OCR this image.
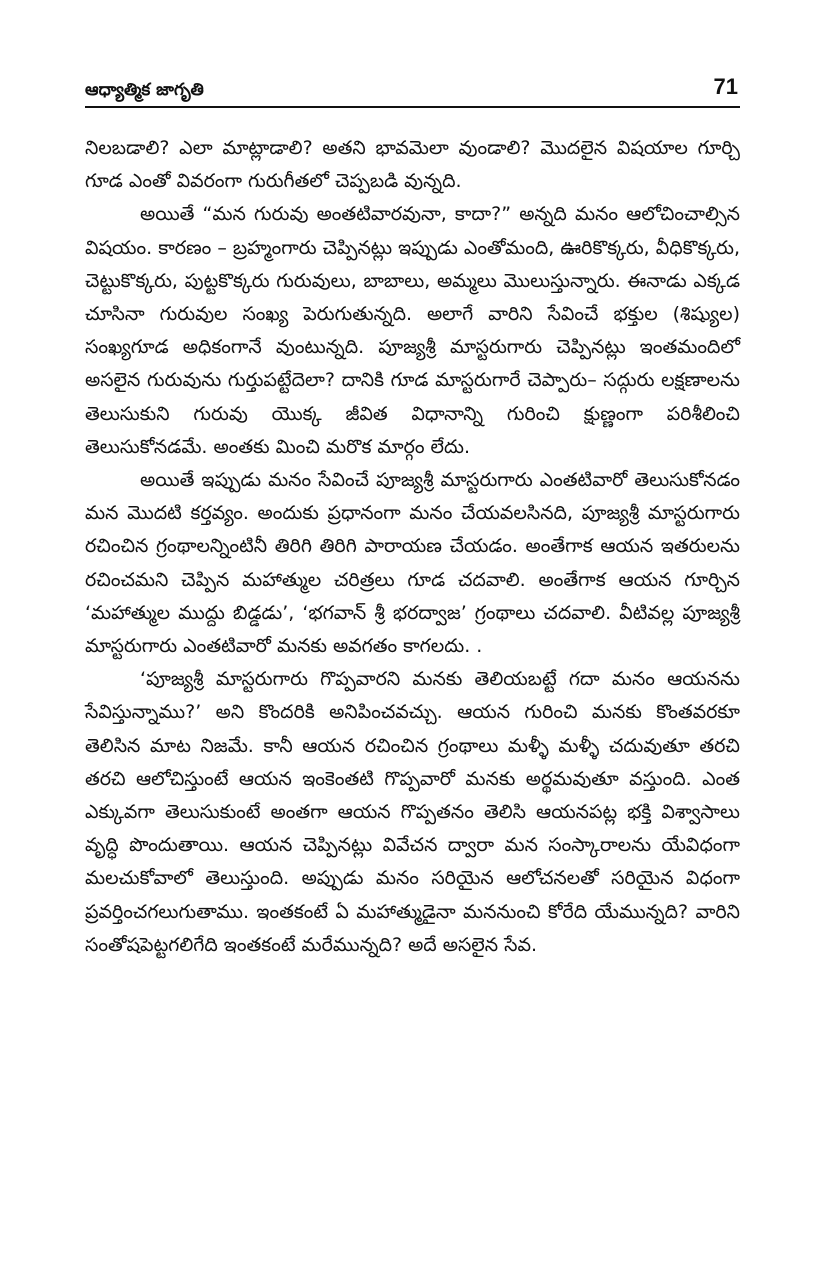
ఆధ్యాత్మిక జాగృతి	71

నిలబడాలి? ఎలా మాట్లాడాలి? అతని భావమెలా వుండాలి? మొదలైన విషయాల గూర్చి గూడ ఎంతో వివరంగా గురుగీతలో చెప్పబడి వున్నది.

అయితే “మన గురువు అంతటివారవునా, కాదా?” అన్నది మనం ఆలోచించాల్సిన విషయం. కారణం – బ్రహ్మంగారు చెప్పినట్లు ఇప్పుడు ఎంతోమంది, ఊరికొక్కరు, వీధికొక్కరు, చెట్టుకొక్కరు, పుట్టకొక్కరు గురువులు, బాబాలు, అమ్మలు మొలుస్తున్నారు. ఈనాడు ఎక్కడ చూసినా గురువుల సంఖ్య పెరుగుతున్నది. అలాగే వారిని సేవించే భక్తుల (శిష్యుల) సంఖ్యగూడ అధికంగానే వుంటున్నది. పూజ్యశ్రీ మాస్టరుగారు చెప్పినట్లు ఇంతమందిలో అసలైన గురువును గుర్తుపట్టేదెలా? దానికి గూడ మాస్టరుగారే చెప్పారు– సద్గురు లక్షణాలను తెలుసుకుని గురువు యొక్క జీవిత విధానాన్ని గురించి క్షుణ్ణంగా పరిశీలించి తెలుసుకోనడమే. అంతకు మించి మరొక మార్గం లేదు.

అయితే ఇప్పుడు మనం సేవించే పూజ్యశ్రీ మాస్టరుగారు ఎంతటివారో తెలుసుకోనడం మన మొదటి కర్తవ్యం. అందుకు ప్రధానంగా మనం చేయవలసినది, పూజ్యశ్రీ మాస్టరుగారు రచించిన గ్రంథాలన్నింటినీ తిరిగి తిరిగి పారాయణ చేయడం. అంతేగాక ఆయన ఇతరులను రచించమని చెప్పిన మహాత్ముల చరిత్రలు గూడ చదవాలి. అంతేగాక ఆయన గూర్చిన ‘మహాత్ముల ముద్దు బిడ్డడు’, ‘భగవాన్ శ్రీ భరద్వాజ’ గ్రంథాలు చదవాలి. వీటివల్ల పూజ్యశ్రీ మాస్టరుగారు ఎంతటివారో మనకు అవగతం కాగలదు. .

‘పూజ్యశ్రీ మాస్టరుగారు గొప్పవారని మనకు తెలియబట్టే గదా మనం ఆయనను సేవిస్తున్నాము?’ అని కొందరికి అనిపించవచ్చు. ఆయన గురించి మనకు కొంతవరకూ తెలిసిన మాట నిజమే. కానీ ఆయన రచించిన గ్రంథాలు మళ్ళీ మళ్ళీ చదువుతూ తరచి తరచి ఆలోచిస్తుంటే ఆయన ఇంకెంతటి గొప్పవారో మనకు అర్థమవుతూ వస్తుంది. ఎంత ఎక్కువగా తెలుసుకుంటే అంతగా ఆయన గొప్పతనం తెలిసి ఆయనపట్ల భక్తి విశ్వాసాలు వృద్ధి పొందుతాయి. ఆయన చెప్పినట్లు వివేచన ద్వారా మన సంస్కారాలను యేవిధంగా మలచుకోవాలో తెలుస్తుంది. అప్పుడు మనం సరియైన ఆలోచనలతో సరియైన విధంగా ప్రవర్తించగలుగుతాము. ఇంతకంటే ఏ మహాత్ముడైనా మననుంచి కోరేది యేమున్నది? వారిని సంతోషపెట్టగలిగేది ఇంతకంటే మరేమున్నది? అదే అసలైన సేవ.
